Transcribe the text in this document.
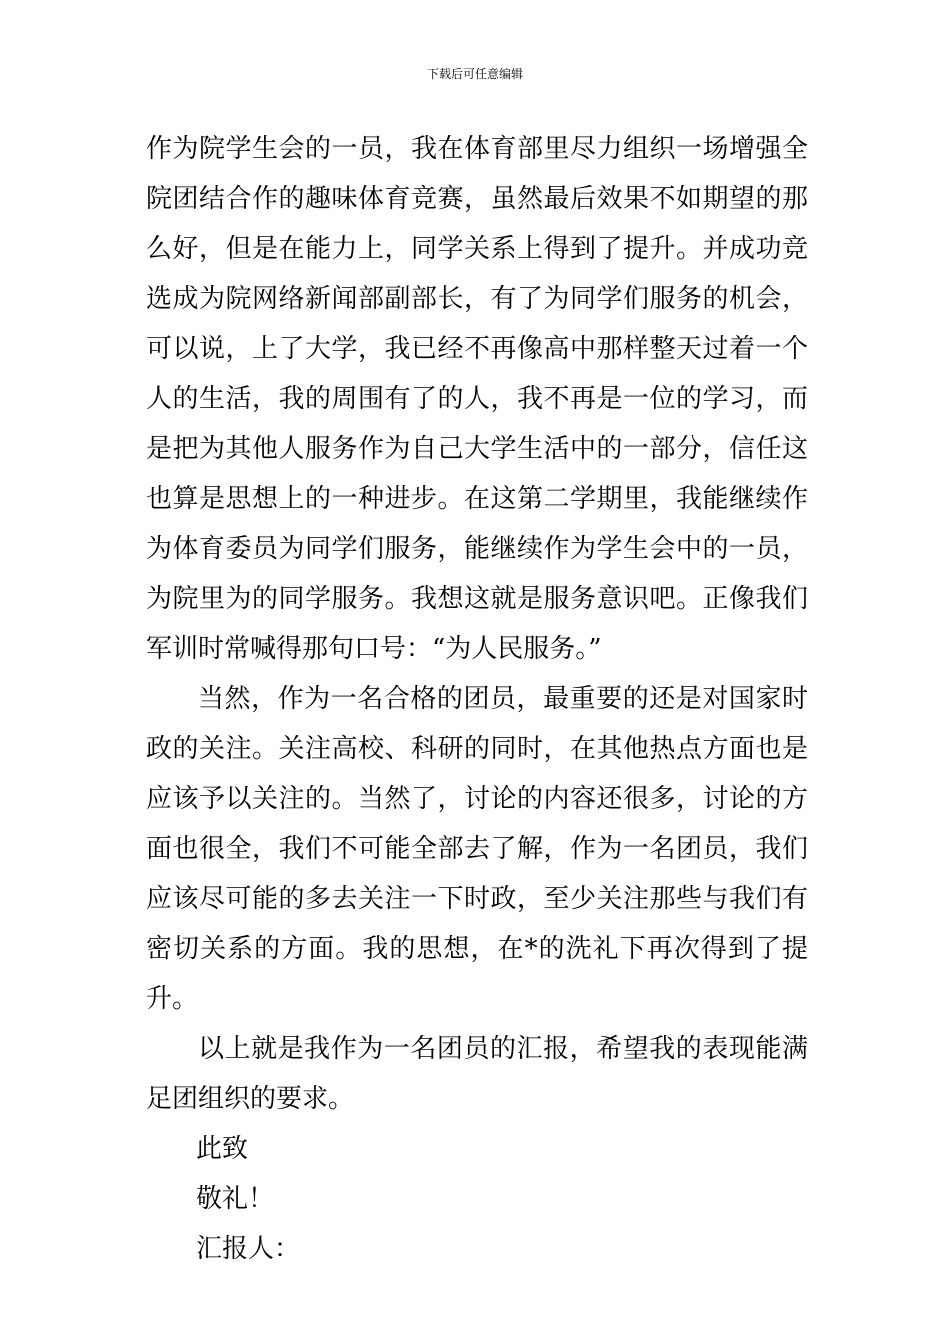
下载后可任意编辑

作为院学生会的一员，我在体育部里尽力组织一场增强全院团结合作的趣味体育竞赛，虽然最后效果不如期望的那么好，但是在能力上，同学关系上得到了提升。并成功竞选成为院网络新闻部副部长，有了为同学们服务的机会，可以说，上了大学，我已经不再像高中那样整天过着一个人的生活，我的周围有了的人，我不再是一位的学习，而是把为其他人服务作为自己大学生活中的一部分，信任这也算是思想上的一种进步。在这第二学期里，我能继续作为体育委员为同学们服务，能继续作为学生会中的一员，为院里为的同学服务。我想这就是服务意识吧。正像我们军训时常喊得那句口号：“为人民服务。”

当然，作为一名合格的团员，最重要的还是对国家时政的关注。关注高校、科研的同时，在其他热点方面也是应该予以关注的。当然了，讨论的内容还很多，讨论的方面也很全，我们不可能全部去了解，作为一名团员，我们应该尽可能的多去关注一下时政，至少关注那些与我们有密切关系的方面。我的思想，在*的洗礼下再次得到了提升。

以上就是我作为一名团员的汇报，希望我的表现能满足团组织的要求。

此致

敬礼！

汇报人：
